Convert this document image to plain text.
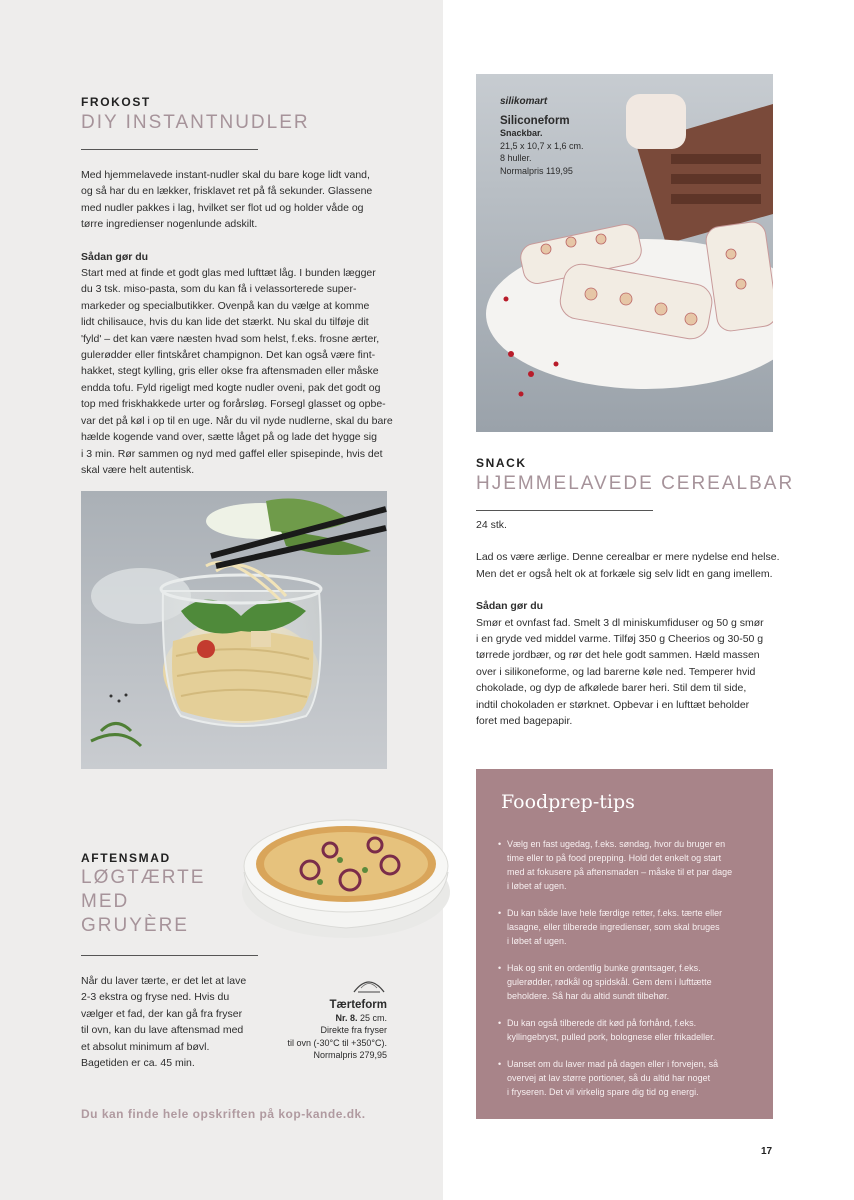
FROKOST
DIY INSTANTNUDLER

Med hjemmelavede instant-nudler skal du bare koge lidt vand,
og så har du en lækker, frisklavet ret på få sekunder. Glassene
med nudler pakkes i lag, hvilket ser flot ud og holder våde og
tørre ingredienser nogenlunde adskilt.

Sådan gør du

Start med at finde et godt glas med lufttæt låg. I bunden lægger
du 3 tsk. miso-pasta, som du kan få i velassorterede super-
markeder og specialbutikker. Ovenpå kan du vælge at komme
lidt chilisauce, hvis du kan lide det stærkt. Nu skal du tilføje dit
'fyld' – det kan være næsten hvad som helst, f.eks. frosne ærter,
gulerødder eller fintskåret champignon. Det kan også være fint-
hakket, stegt kylling, gris eller okse fra aftensmaden eller måske
endda tofu. Fyld rigeligt med kogte nudler oveni, pak det godt og
top med friskhakkede urter og forårsløg. Forsegl glasset og opbe-
var det på køl i op til en uge. Når du vil nyde nudlerne, skal du bare
hælde kogende vand over, sætte låget på og lade det hygge sig
i 3 min. Rør sammen og nyd med gaffel eller spisepinde, hvis det
skal være helt autentisk.

silikomart
Siliconeform
Snackbar.
21,5 x 10,7 x 1,6 cm.
8 huller.
Normalpris 119,95
SNACK
HJEMMELAVEDE CEREALBAR

24 stk.

Lad os være ærlige. Denne cerealbar er mere nydelse end helse.
Men det er også helt ok at forkæle sig selv lidt en gang imellem.

Sådan gør du

Smør et ovnfast fad. Smelt 3 dl miniskumfiduser og 50 g smør
i en gryde ved middel varme. Tilføj 350 g Cheerios og 30-50 g
tørrede jordbær, og rør det hele godt sammen. Hæld massen
over i silikoneforme, og lad barerne køle ned. Temperer hvid
chokolade, og dyp de afkølede barer heri. Stil dem til side,
indtil chokoladen er størknet. Opbevar i en lufttæt beholder
foret med bagepapir.

AFTENSMAD
LØGTÆRTE
MED
GRUYÈRE

Når du laver tærte, er det let at lave
2-3 ekstra og fryse ned. Hvis du
vælger et fad, der kan gå fra fryser
til ovn, kan du lave aftensmad med
et absolut minimum af bøvl.
Bagetiden er ca. 45 min.

Tærteform
Nr. 8. 25 cm.
Direkte fra fryser
til ovn (-30°C til +350°C).
Normalpris 279,95
Foodprep-tips
• Vælg en fast ugedag, f.eks. søndag, hvor du bruger en
time eller to på food prepping. Hold det enkelt og start
med at fokusere på aftensmaden – måske til et par dage
i løbet af ugen.
• Du kan både lave hele færdige retter, f.eks. tærte eller
lasagne, eller tilberede ingredienser, som skal bruges
i løbet af ugen.
• Hak og snit en ordentlig bunke grøntsager, f.eks.
gulerødder, rødkål og spidskål. Gem dem i lufttætte
beholdere. Så har du altid sundt tilbehør.
• Du kan også tilberede dit kød på forhånd, f.eks.
kyllingebryst, pulled pork, bolognese eller frikadeller.
• Uanset om du laver mad på dagen eller i forvejen, så
overvej at lav større portioner, så du altid har noget
i fryseren. Det vil virkelig spare dig tid og energi.
Du kan finde hele opskriften på kop-kande.dk.
17
